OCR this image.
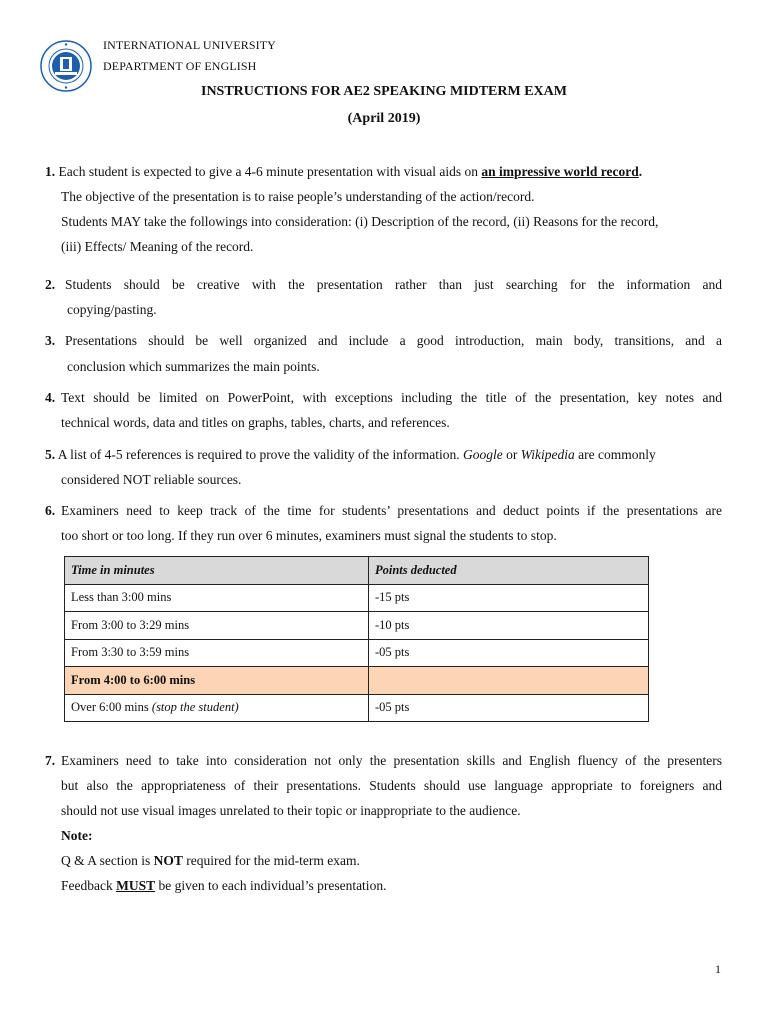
INTERNATIONAL UNIVERSITY
DEPARTMENT OF ENGLISH
INSTRUCTIONS FOR AE2 SPEAKING MIDTERM EXAM
(April 2019)
1. Each student is expected to give a 4-6 minute presentation with visual aids on an impressive world record.
The objective of the presentation is to raise people’s understanding of the action/record.
Students MAY take the followings into consideration: (i) Description of the record, (ii) Reasons for the record,
(iii) Effects/ Meaning of the record.
2. Students should be creative with the presentation rather than just searching for the information and
copying/pasting.
3. Presentations should be well organized and include a good introduction, main body, transitions, and a
conclusion which summarizes the main points.
4. Text should be limited on PowerPoint, with exceptions including the title of the presentation, key notes and
technical words, data and titles on graphs, tables, charts, and references.
5. A list of 4-5 references is required to prove the validity of the information. Google or Wikipedia are commonly
considered NOT reliable sources.
6. Examiners need to keep track of the time for students’ presentations and deduct points if the presentations are
too short or too long. If they run over 6 minutes, examiners must signal the students to stop.
Time in minutes	Points deducted
Less than 3:00 mins	-15 pts
From 3:00 to 3:29 mins	-10 pts
From 3:30 to 3:59 mins	-05 pts
From 4:00 to 6:00 mins	
Over 6:00 mins (stop the student)	-05 pts
7. Examiners need to take into consideration not only the presentation skills and English fluency of the presenters
but also the appropriateness of their presentations. Students should use language appropriate to foreigners and
should not use visual images unrelated to their topic or inappropriate to the audience.
Note:
Q & A section is NOT required for the mid-term exam.
Feedback MUST be given to each individual’s presentation.
1
